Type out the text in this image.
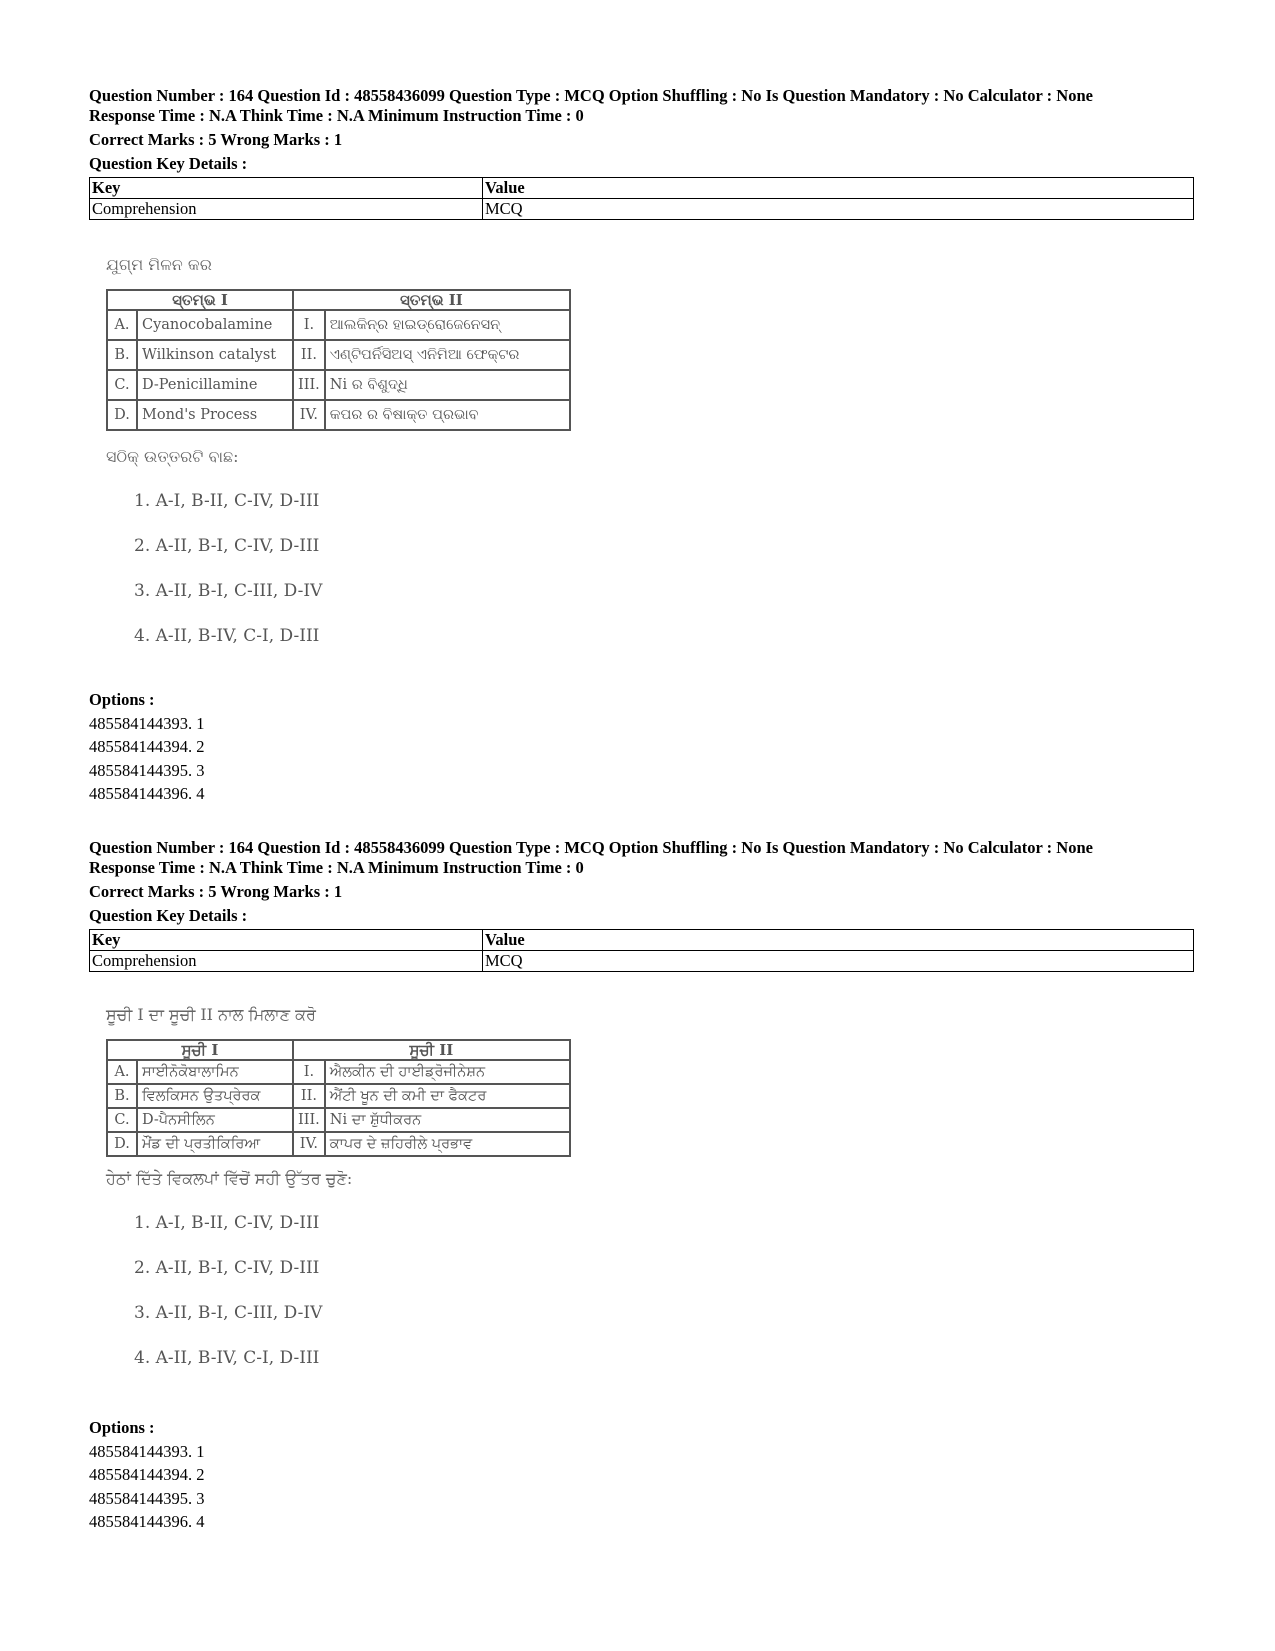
Question Number : 164 Question Id : 48558436099 Question Type : MCQ Option Shuffling : No Is Question Mandatory : No Calculator : None

Response Time : N.A Think Time : N.A Minimum Instruction Time : 0

Correct Marks : 5 Wrong Marks : 1

Question Key Details :

Key	Value
Comprehension	MCQ

ଯୁଗ୍ମ ମିଳନ କର

ସ୍ତମ୍ଭ I		ସ୍ତମ୍ଭ II	
A.	Cyanocobalamine	I.	ଆଲକିନ୍‌ର ହାଇଡ୍ରୋଜେନେସନ୍
B.	Wilkinson catalyst	II.	ଏଣ୍ଟିପର୍ନିସିଅସ୍ ଏନିମିଆ ଫେକ୍ଟର
C.	D-Penicillamine	III.	Ni ର ବିଶୁଦ୍ଧି
D.	Mond's Process	IV.	କପର ର ବିଷାକ୍ତ ପ୍ରଭାବ

ସଠିକ୍ ଉତ୍ତରଟି ବାଛ:

1. A-I, B-II, C-IV, D-III

2. A-II, B-I, C-IV, D-III

3. A-II, B-I, C-III, D-IV

4. A-II, B-IV, C-I, D-III

Options :

485584144393. 1

485584144394. 2

485584144395. 3

485584144396. 4

Question Number : 164 Question Id : 48558436099 Question Type : MCQ Option Shuffling : No Is Question Mandatory : No Calculator : None

Response Time : N.A Think Time : N.A Minimum Instruction Time : 0

Correct Marks : 5 Wrong Marks : 1

Question Key Details :

Key	Value
Comprehension	MCQ

ਸੂਚੀ I ਦਾ ਸੂਚੀ II ਨਾਲ ਮਿਲਾਣ ਕਰੋ

ਸੂਚੀ I		ਸੂਚੀ II	
A.	ਸਾਈਨੋਕੋਬਾਲਾਮਿਨ	I.	ਐਲਕੀਨ ਦੀ ਹਾਈਡ੍ਰੋਜੀਨੇਸ਼ਨ
B.	ਵਿਲਕਿਸਨ ਉਤਪ੍ਰੇਰਕ	II.	ਐਂਟੀ ਖੂਨ ਦੀ ਕਮੀ ਦਾ ਫੈਕਟਰ
C.	D-ਪੈਨਸੀਲਿਨ	III.	Ni ਦਾ ਸ਼ੁੱਧੀਕਰਨ
D.	ਮੌਂਡ ਦੀ ਪ੍ਰਤੀਕਿਰਿਆ	IV.	ਕਾਪਰ ਦੇ ਜ਼ਹਿਰੀਲੇ ਪ੍ਰਭਾਵ

ਹੇਠਾਂ ਦਿੱਤੇ ਵਿਕਲਪਾਂ ਵਿੱਚੋਂ ਸਹੀ ਉੱਤਰ ਚੁਣੋ:

1. A-I, B-II, C-IV, D-III

2. A-II, B-I, C-IV, D-III

3. A-II, B-I, C-III, D-IV

4. A-II, B-IV, C-I, D-III

Options :

485584144393. 1

485584144394. 2

485584144395. 3

485584144396. 4
